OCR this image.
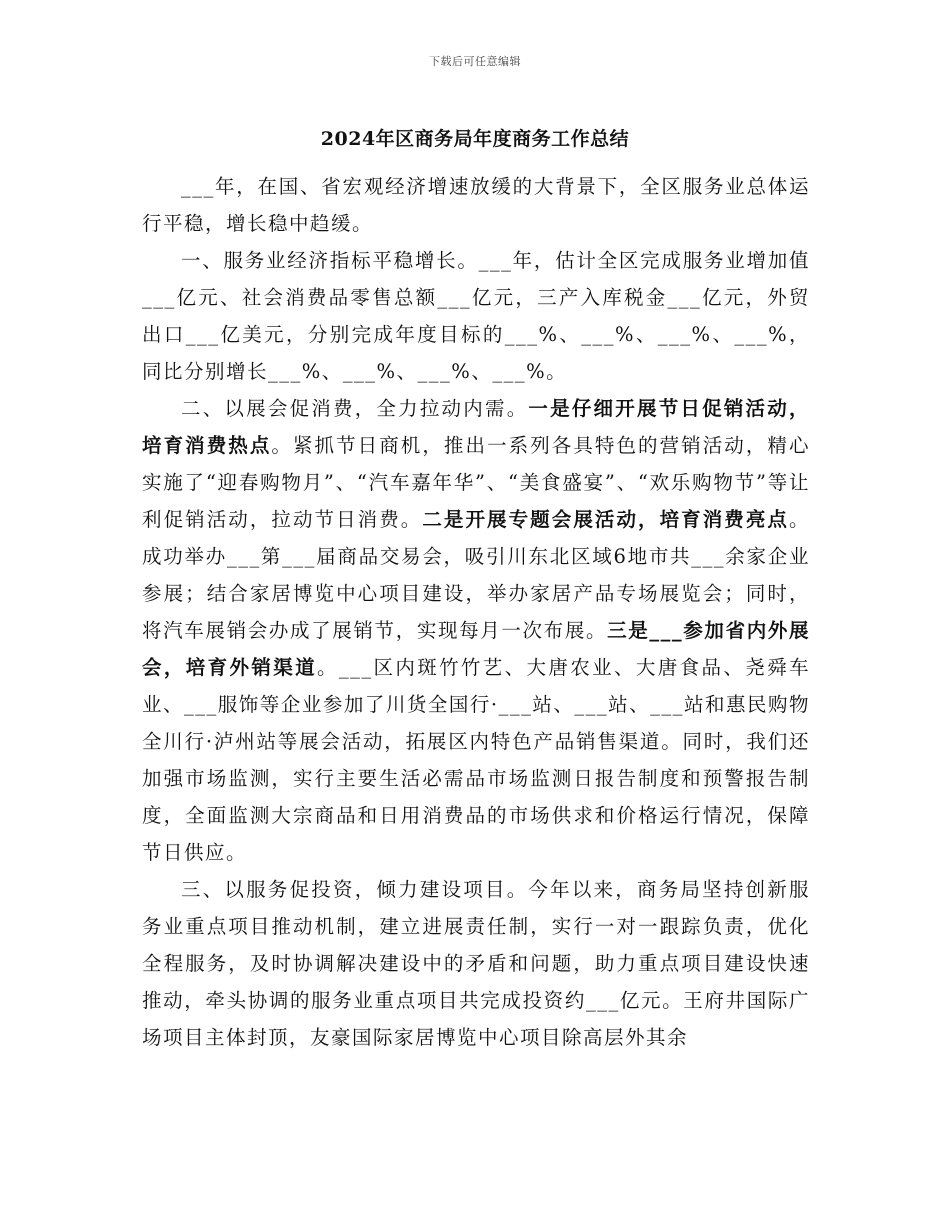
下载后可任意编辑
2024年区商务局年度商务工作总结

___年，在国、省宏观经济增速放缓的大背景下，全区服务业总体运行平稳，增长稳中趋缓。

一、服务业经济指标平稳增长。___年，估计全区完成服务业增加值___亿元、社会消费品零售总额___亿元，三产入库税金___亿元，外贸出口___亿美元，分别完成年度目标的___%、___%、___%、___%，同比分别增长___%、___%、___%、___%。

二、以展会促消费，全力拉动内需。一是仔细开展节日促销活动，培育消费热点。紧抓节日商机，推出一系列各具特色的营销活动，精心实施了“迎春购物月”、“汽车嘉年华”、“美食盛宴”、“欢乐购物节”等让利促销活动，拉动节日消费。二是开展专题会展活动，培育消费亮点。成功举办___第___届商品交易会，吸引川东北区域6地市共___余家企业参展；结合家居博览中心项目建设，举办家居产品专场展览会；同时，将汽车展销会办成了展销节，实现每月一次布展。三是___参加省内外展会，培育外销渠道。___区内斑竹竹艺、大唐农业、大唐食品、尧舜车业、___服饰等企业参加了川货全国行·___站、___站、___站和惠民购物全川行·泸州站等展会活动，拓展区内特色产品销售渠道。同时，我们还加强市场监测，实行主要生活必需品市场监测日报告制度和预警报告制度，全面监测大宗商品和日用消费品的市场供求和价格运行情况，保障节日供应。

三、以服务促投资，倾力建设项目。今年以来，商务局坚持创新服务业重点项目推动机制，建立进展责任制，实行一对一跟踪负责，优化全程服务，及时协调解决建设中的矛盾和问题，助力重点项目建设快速推动，牵头协调的服务业重点项目共完成投资约___亿元。王府井国际广场项目主体封顶，友豪国际家居博览中心项目除高层外其余
